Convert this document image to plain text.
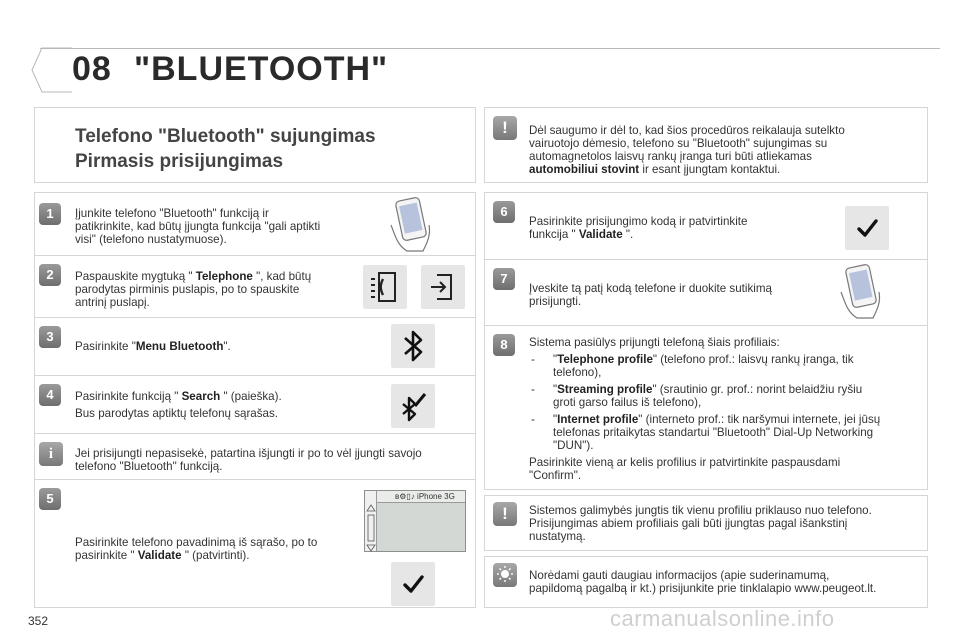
08 "BLUETOOTH"
Telefono "Bluetooth" sujungimas
Pirmasis prisijungimas
1	Įjunkite telefono "Bluetooth" funkciją ir
patikrinkite, kad būtų įjungta funkcija "gali aptikti
visi" (telefono nustatymuose).
2	Paspauskite mygtuką " Telephone ", kad būtų
parodytas pirminis puslapis, po to spauskite
antrinį puslapį.
3
Pasirinkite "Menu Bluetooth".
4	Pasirinkite funkciją " Search " (paieška).
Bus parodytas aptiktų telefonų sąrašas.
i	Jei prisijungti nepasisekė, patartina išjungti ir po to vėl įjungti savojo
telefono "Bluetooth" funkciją.
5
Pasirinkite telefono pavadinimą iš sąrašo, po to
pasirinkite " Validate " (patvirtinti).
ʙ⚙▯♪ iPhone 3G
!	Dėl saugumo ir dėl to, kad šios procedūros reikalauja sutelkto
vairuotojo dėmesio, telefono su "Bluetooth" sujungimas su
automagnetolos laisvų rankų įranga turi būti atliekamas
automobiliui stovint ir esant įjungtam kontaktui.
6
Pasirinkite prisijungimo kodą ir patvirtinkite
funkcija " Validate ".
7
Įveskite tą patį kodą telefone ir duokite sutikimą
prisijungti.
8	Sistema pasiūlys prijungti telefoną šiais profiliais:
- "Telephone profile" (telefono prof.: laisvų rankų įranga, tik
telefono),
- "Streaming profile" (srautinio gr. prof.: norint belaidžiu ryšiu
groti garso failus iš telefono),
- "Internet profile" (interneto prof.: tik naršymui internete, jei jūsų
telefonas pritaikytas standartui "Bluetooth" Dial-Up Networking
"DUN").
Pasirinkite vieną ar kelis profilius ir patvirtinkite paspausdami
"Confirm".
!	Sistemos galimybės jungtis tik vienu profiliu priklauso nuo telefono.
Prisijungimas abiem profiliais gali būti įjungtas pagal išankstinį
nustatymą.
Norėdami gauti daugiau informacijos (apie suderinamumą,
papildomą pagalbą ir kt.) prisijunkite prie tinklalapio www.peugeot.lt.
352	carmanualsonline.info
